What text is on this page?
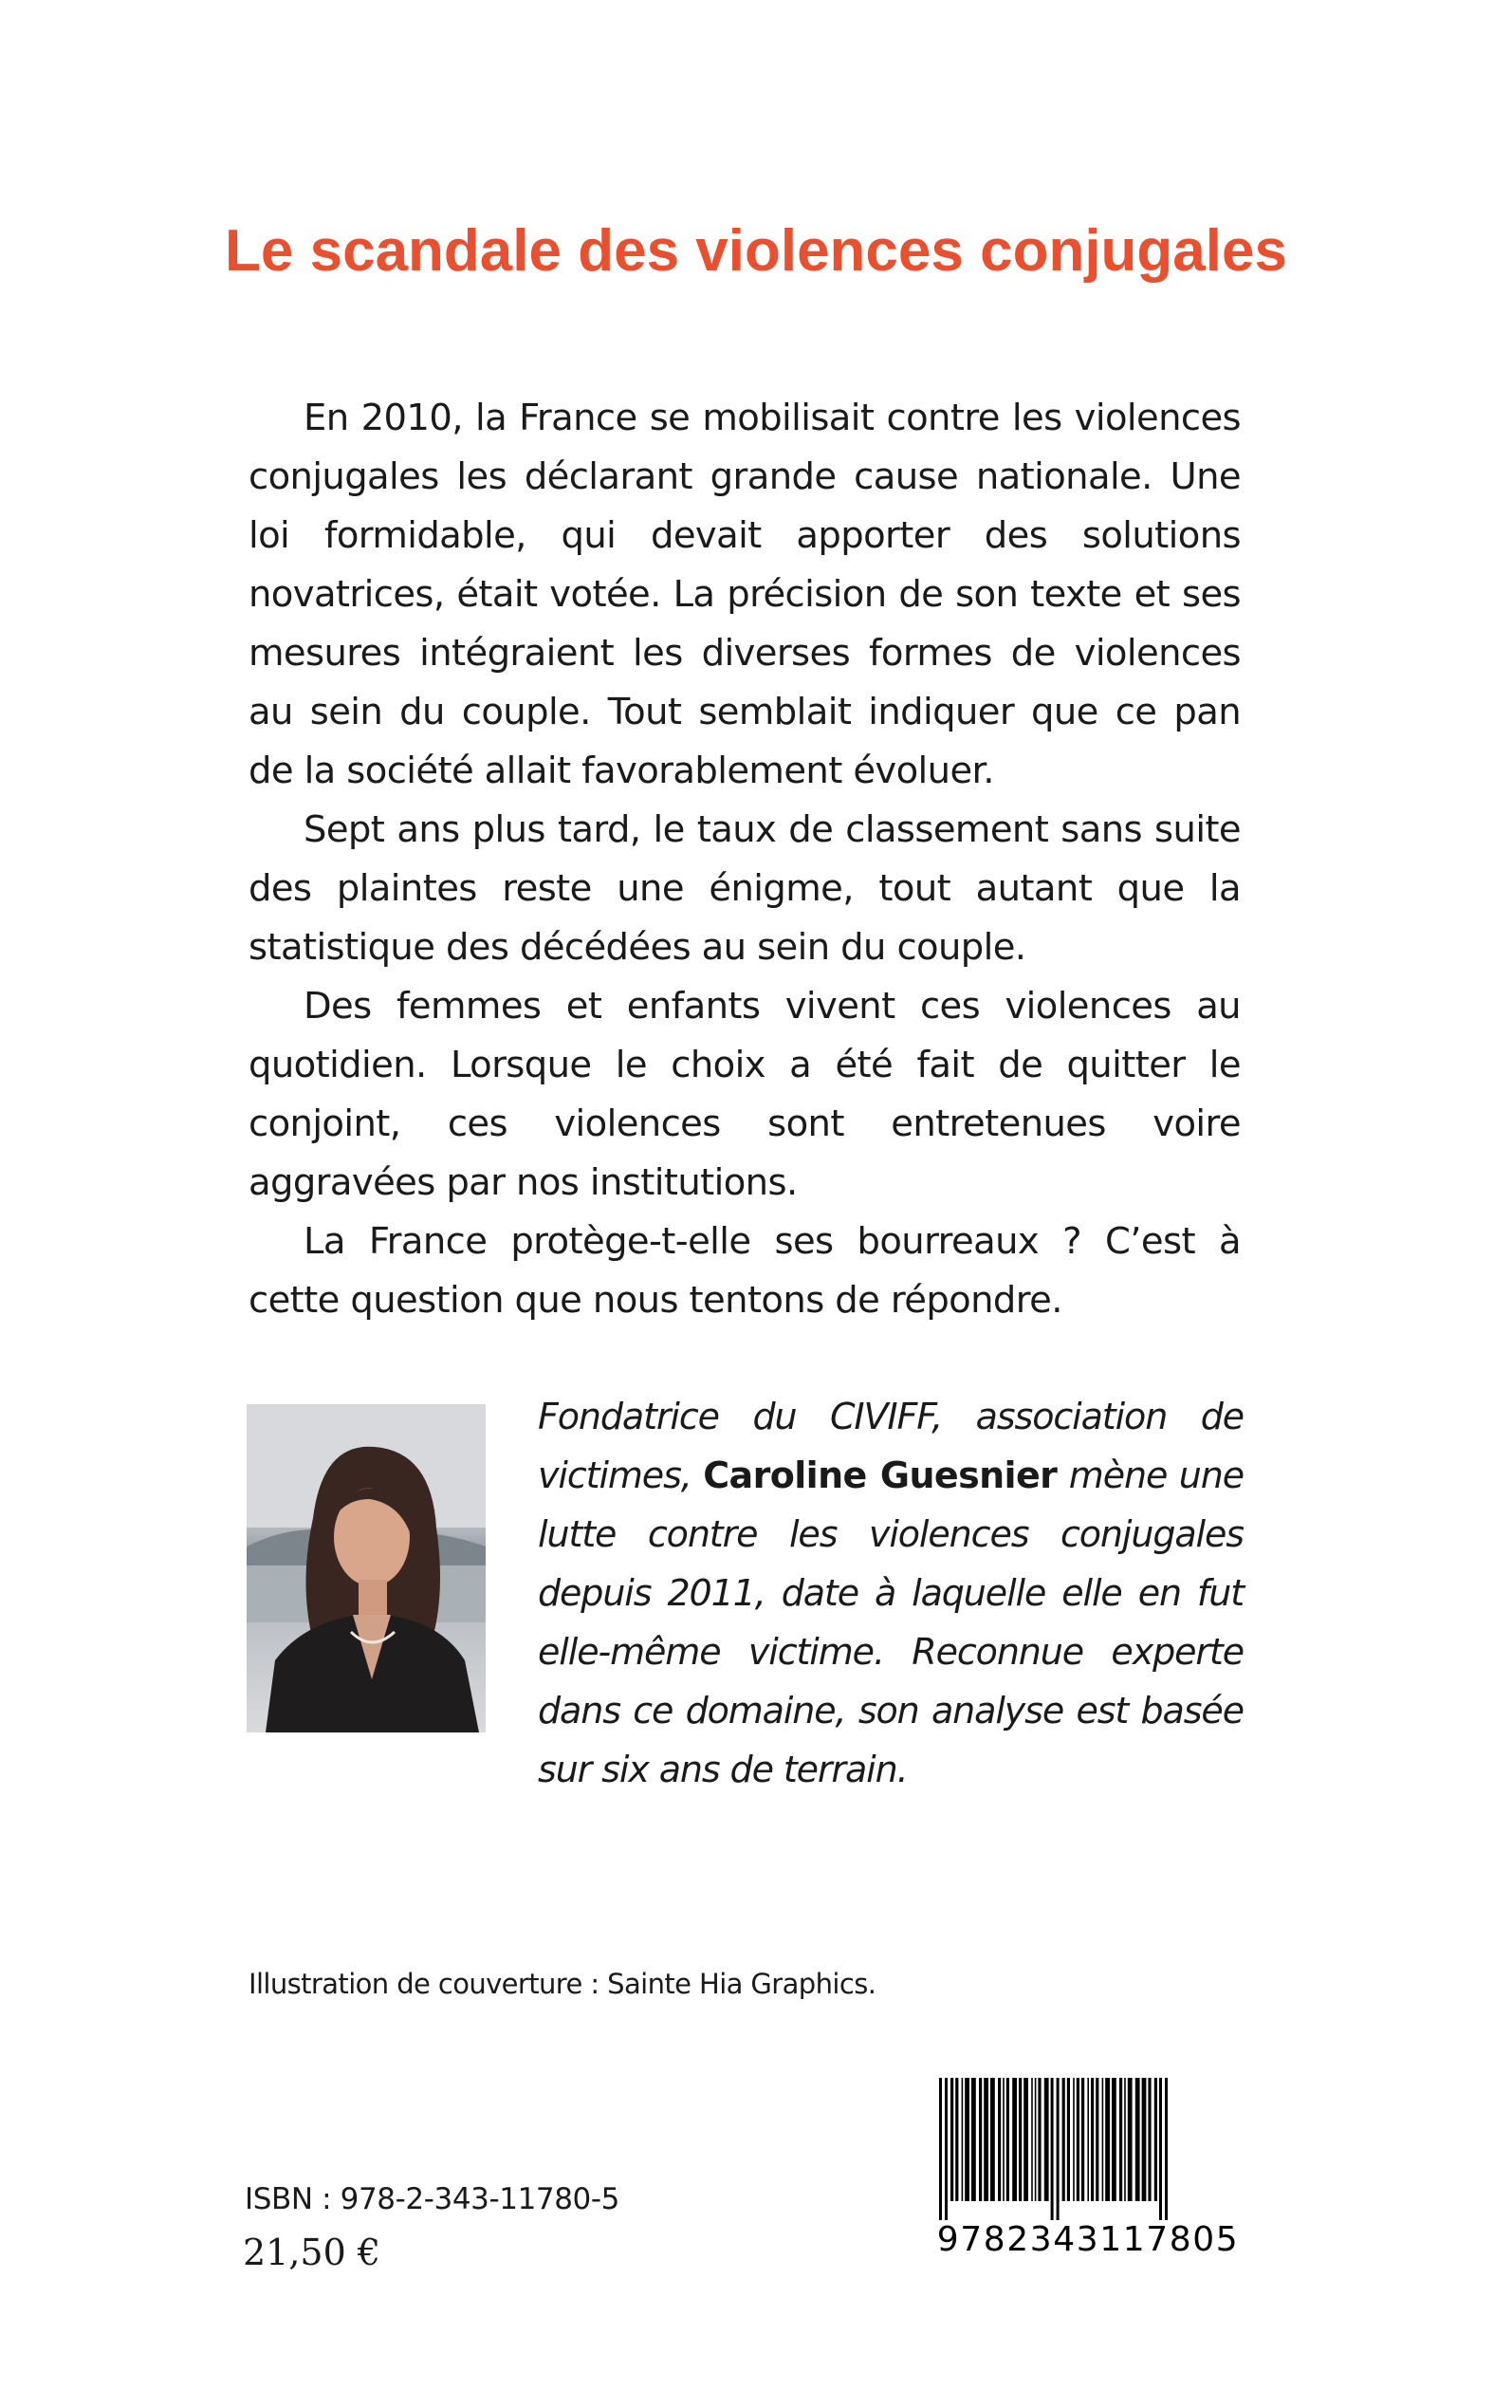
Le scandale des violences conjugales

En 2010, la France se mobilisait contre les violences conjugales les déclarant grande cause nationale. Une loi formidable, qui devait apporter des solutions novatrices, était votée. La précision de son texte et ses mesures intégraient les diverses formes de violences au sein du couple. Tout semblait indiquer que ce pan de la société allait favorablement évoluer.

Sept ans plus tard, le taux de classement sans suite des plaintes reste une énigme, tout autant que la statistique des décédées au sein du couple.

Des femmes et enfants vivent ces violences au quotidien. Lorsque le choix a été fait de quitter le conjoint, ces violences sont entretenues voire aggravées par nos institutions.

La France protège-t-elle ses bourreaux ? C’est à cette question que nous tentons de répondre.

Fondatrice du CIVIFF, association de victimes, Caroline Guesnier mène une lutte contre les violences conjugales depuis 2011, date à laquelle elle en fut elle-même victime. Reconnue experte dans ce domaine, son analyse est basée sur six ans de terrain.

Illustration de couverture : Sainte Hia Graphics.
ISBN : 978-2-343-11780-5
21,50 €	9782343117805
